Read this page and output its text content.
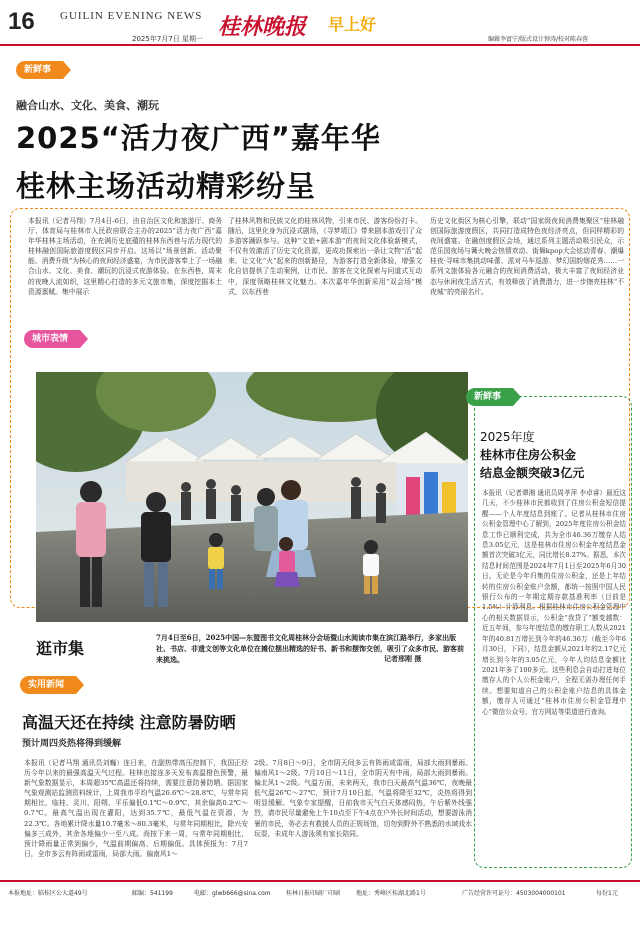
16 GUILIN EVENING NEWS
2025年7月7日 星期一 桂林晚报 早上好
编辑李富宁/版式设计钟涛/校对陈春蓉
新鲜事
融合山水、文化、美食、潮玩
2025“活力夜广西”嘉年华
桂林主场活动精彩纷呈
本报讯（记者马翔）7月4日-6日，由自治区文化和旅游厅、商务厅、体育局与桂林市人民政府联合主办的2025“活力夜广西”嘉年华桂林主场活动，在充满历史底蕴的桂林东西巷与活力现代的桂林融创国际旅游度假区同步开启。这场以“场景创新、活动聚能、消费升级”为核心的夜间经济盛宴，为市民游客奉上了一场融合山水、文化、美食、潮玩的沉浸式夜游体验。在东西巷，周末的夜晚人流如织，这里精心打造的多元文旅市集，深度挖掘本土资源禀赋。集中展示
了桂林风物和民族文化的桂林风物，引来市民、游客纷纷打卡。随后，这里化身为沉浸式剧场，《寻梦靖江》带来剧本游戏引了众多游客踊跃参与。这种“文旅+剧本游”的夜间文化体验新模式，不仅有效激活了历史文化资源，更成功探索出一条让文物“活”起来、让文化“火”起来的创新路径，为游客打造全新体验，增强文化自信提供了生动案例，让市民、游客在文化探索与问道式互动中，深度领略桂林文化魅力。本次嘉年华创新采用“双会场”模式，以东西巷
历史文化街区为核心引擎，联动“国家级夜间消费集聚区”桂林融创国际旅游度假区，共同打造成特色夜经济亮点，但同样精彩的夜间盛宴。在融创度假区会场，通过系列主题活动吸引民众，示范乐园夜场与篝火晚会热情欢动、街舞kpop大会炫动青春、潮爆桂夜·寻味市集挑动味蕾、派对马车巡游、梦幻国韵烟花秀……一系列文旅体验各元融合的夜间消费活动，极大丰富了夜间经济业态与休闲夜生活方式，有效释放了消费潜力，进一步擦亮桂林“不夜城”的亮丽名片。
城市表情
逛市集
7月4日至6日，2025中国—东盟图书文化周桂林分会场暨山水阅读市集在滨江路举行，多家出版社、书店、非遗文创等文化单位在摊位摆出精选的好书、新书和摆饰交创，吸引了众多市民、游客前来挑选。	记者邢刚 摄
新鲜事
2025年度
桂林市住房公积金
结息金额突破3亿元
本报讯（记者谭湘 通讯员周孝萍 李卓睿）最近这几天，不少桂林市民都收到了住房公积金短信提醒——个人年度结息到账了。记者从桂林市住房公积金管理中心了解到，2025年度住房公积金结息工作已顺利完成，共为全市46.36万缴存人结息3.05亿元，这是桂林市住房公积金年度结息金额首次突破3亿元，同比增长8.27%。据悉，本次结息时间范围是2024年7月1日至2025年6月30日。无论是今年归集的住房公积金，还是上年结转的住房公积金账户余额，都统一按照中国人民银行公布的一年期定期存款基准利率（目前是1.5%）计算利息。根据桂林市住房公积金管理中心的相关数据显示，公积金“我贷了”额变越数：近五年间，参与年度结息的缴存职工人数从2021年的40.81万增长到今年的46.36万（截至今年6月30日，下同），结息金额从2021年的2.17亿元增长到今年的3.05亿元，今年人均结息金额比2021年多了100多元。这些利息会自动打进每位缴存人的个人公积金账户，全程无需办理任何手续。想要知道自己的公积金账户结息的具体金额，缴存人可通过“桂林市住房公积金管理中心”微信公众号、官方网站等渠道进行查询。
实用新闻
高温天还在持续 注意防暑防晒
预计周四炎热将得到缓解
本报讯（记者马翔 通讯员刘巍）连日来，在副热带高压控制下，我国正经历今年以来的最强高温天气过程。桂林也接连多天发布高温橙色预警，最新气象数据显示，本周超35℃高温还将持续，需要注意防暑防晒。据国家气象观测站监测资料统计，上周我市平均气温26.6℃～28.8℃，与常年同期相比，临桂、灵川、阳朔、平乐偏低0.1℃～0.9℃，其余偏高0.2℃～0.7℃。最高气温出现在灌阳，达到35.7℃，最低气温在资源，为22.3℃。各地累计降水量10.7毫米～80.3毫米，与常年同期相比，除兴安偏多三成外，其余各地偏少一至八成。尚按下来一周，与常年同期相比，预计降雨量正常到偏少，气温前期偏高、后期偏低。具体预报为：7月7日，全市多云有阵雨或雷雨，局部大雨。偏南风1～
2级。7月8日～9日，全市阴天间多云有阵雨或雷雨，局部大雨到暴雨。偏南风1～2级。7月10日～11日，全市阴天有中雨，局部大雨到暴雨。偏北风1～2级。气温方面，未来两天，我市白天最高气温36℃，夜晚最低气温26℃～27℃，预计7月10日起，气温将降至32℃，炎热将得到明显缓解。气象专家提醒，日前我市天气白天体感闷热，午后紫外线强烈，请市民尽量避免上午10点至下午4点在户外长时间活动，想要游泳消暑的市民，务必去有救援人员的正规场馆，切勿到野外不熟悉的水域戏水玩耍，未成年人游泳须有家长陪同。
本报地址：临桂区公大道49号	邮编：541199	电邮：glwb666@sina.com	桂林日报印刷厂印刷	地址：秀峰区桂湖北路1号	广告经营许可证号：4503004000101	每份1元
